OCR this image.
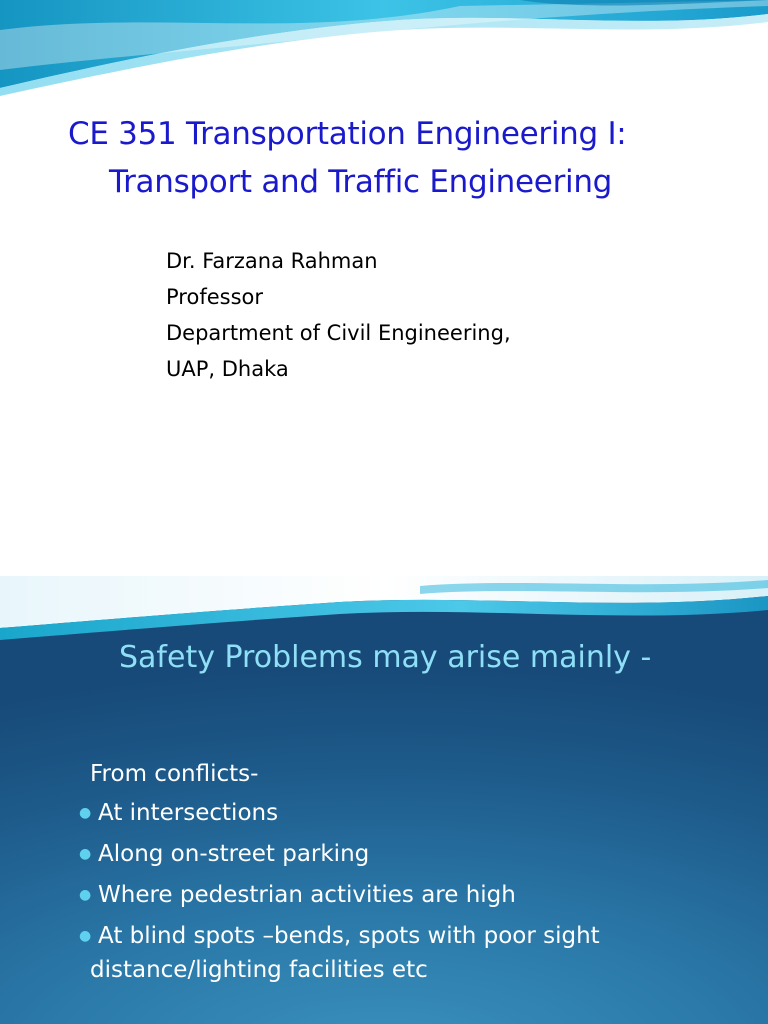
CE 351 Transportation Engineering I:
Transport and Traffic Engineering
Dr. Farzana Rahman
Professor
Department of Civil Engineering,
UAP, Dhaka
Safety Problems may arise mainly -
From conflicts-
● At intersections
● Along on-street parking
● Where pedestrian activities are high
● At blind spots –bends, spots with poor sight
distance/lighting facilities etc
